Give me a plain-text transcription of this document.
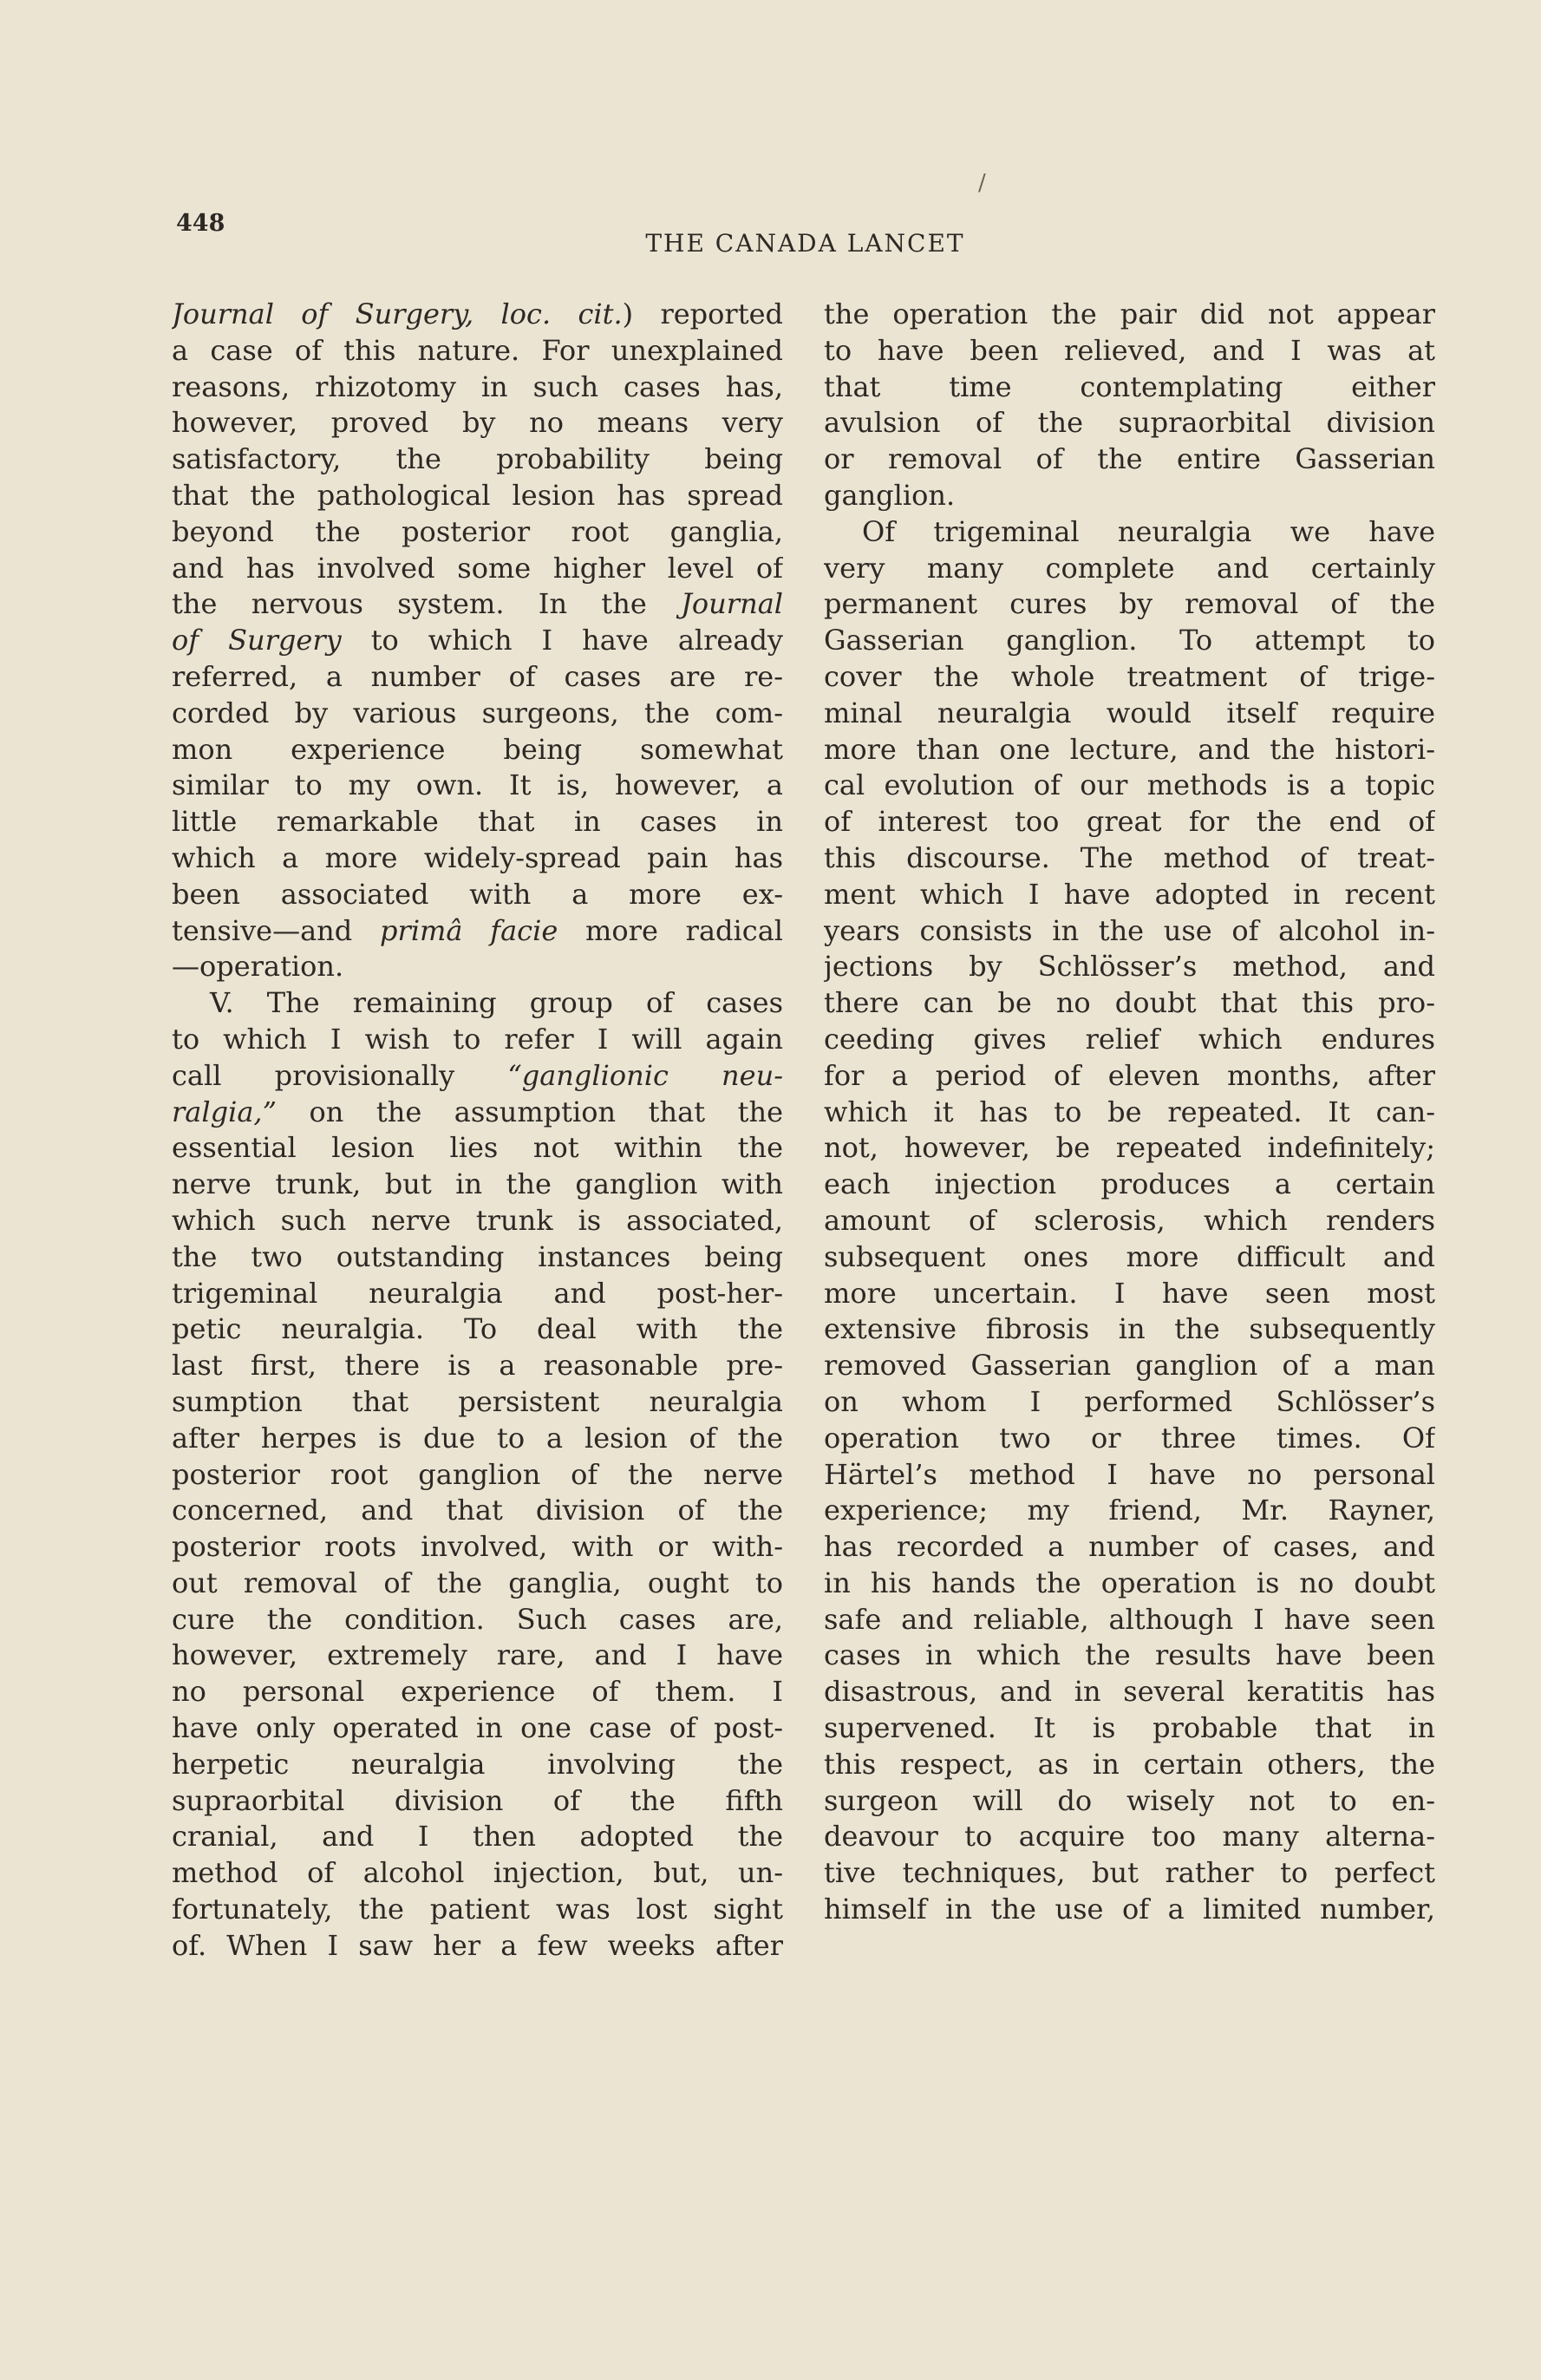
448
THE CANADA LANCET
Journal of Surgery, loc. cit.) reported
a case of this nature. For unexplained
reasons, rhizotomy in such cases has,
however, proved by no means very
satisfactory, the probability being
that the pathological lesion has spread
beyond the posterior root ganglia,
and has involved some higher level of
the nervous system. In the Journal
of Surgery to which I have already
referred, a number of cases are re-
corded by various surgeons, the com-
mon experience being somewhat
similar to my own. It is, however, a
little remarkable that in cases in
which a more widely-spread pain has
been associated with a more ex-
tensive—and primâ facie more radical
—operation.
V. The remaining group of cases
to which I wish to refer I will again
call provisionally “ganglionic neu-
ralgia,” on the assumption that the
essential lesion lies not within the
nerve trunk, but in the ganglion with
which such nerve trunk is associated,
the two outstanding instances being
trigeminal neuralgia and post-her-
petic neuralgia. To deal with the
last first, there is a reasonable pre-
sumption that persistent neuralgia
after herpes is due to a lesion of the
posterior root ganglion of the nerve
concerned, and that division of the
posterior roots involved, with or with-
out removal of the ganglia, ought to
cure the condition. Such cases are,
however, extremely rare, and I have
no personal experience of them. I
have only operated in one case of post-
herpetic neuralgia involving the
supraorbital division of the fifth
cranial, and I then adopted the
method of alcohol injection, but, un-
fortunately, the patient was lost sight
of. When I saw her a few weeks after
the operation the pair did not appear
to have been relieved, and I was at
that time contemplating either
avulsion of the supraorbital division
or removal of the entire Gasserian
ganglion.
Of trigeminal neuralgia we have
very many complete and certainly
permanent cures by removal of the
Gasserian ganglion. To attempt to
cover the whole treatment of trige-
minal neuralgia would itself require
more than one lecture, and the histori-
cal evolution of our methods is a topic
of interest too great for the end of
this discourse. The method of treat-
ment which I have adopted in recent
years consists in the use of alcohol in-
jections by Schlösser’s method, and
there can be no doubt that this pro-
ceeding gives relief which endures
for a period of eleven months, after
which it has to be repeated. It can-
not, however, be repeated indefinitely;
each injection produces a certain
amount of sclerosis, which renders
subsequent ones more difficult and
more uncertain. I have seen most
extensive fibrosis in the subsequently
removed Gasserian ganglion of a man
on whom I performed Schlösser’s
operation two or three times. Of
Härtel’s method I have no personal
experience; my friend, Mr. Rayner,
has recorded a number of cases, and
in his hands the operation is no doubt
safe and reliable, although I have seen
cases in which the results have been
disastrous, and in several keratitis has
supervened. It is probable that in
this respect, as in certain others, the
surgeon will do wisely not to en-
deavour to acquire too many alterna-
tive techniques, but rather to perfect
himself in the use of a limited number,
/
